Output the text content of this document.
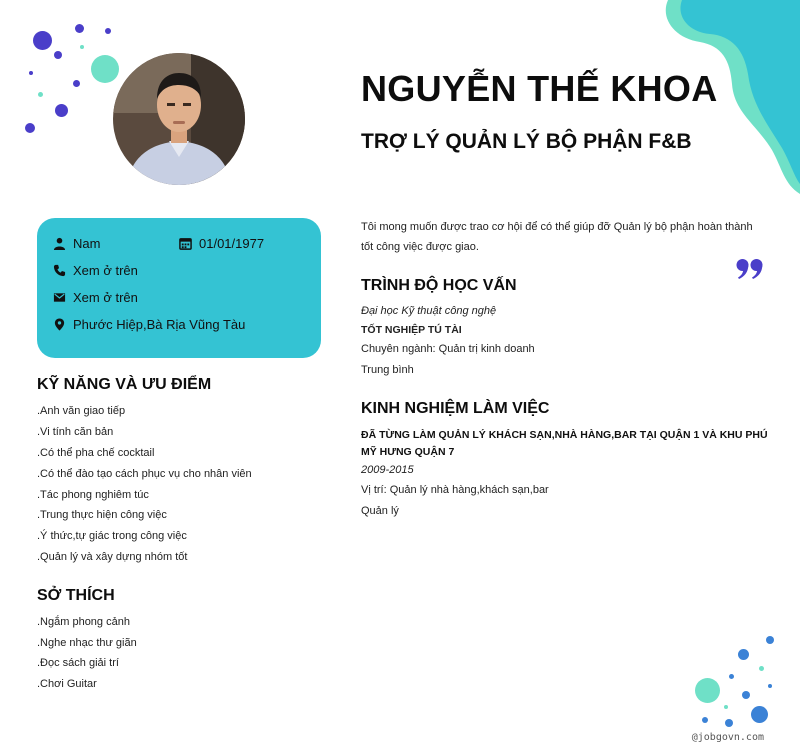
NGUYỄN THẾ KHOA
TRỢ LÝ QUẢN LÝ BỘ PHẬN F&B
Nam	01/01/1977
Xem ở trên
Xem ở trên
Phước Hiệp,Bà Rịa Vũng Tàu
KỸ NĂNG VÀ ƯU ĐIỂM
.Anh văn giao tiếp
.Vi tính căn bản
.Có thể pha chế cocktail
.Có thể đào tạo cách phục vụ cho nhân viên
.Tác phong nghiêm túc
.Trung thực hiện công việc
.Ý thức,tự giác trong công việc
.Quản lý và xây dựng nhóm tốt
SỞ THÍCH
.Ngắm phong cảnh
.Nghe nhạc thư giãn
.Đọc sách giải trí
.Chơi Guitar
Tôi mong muốn được trao cơ hội để có thể giúp đỡ Quản lý bộ phận hoàn thành tốt công việc được giao.
TRÌNH ĐỘ HỌC VẤN
Đại học Kỹ thuật công nghệ
TỐT NGHIỆP TÚ TÀI
Chuyên ngành: Quản trị kinh doanh
Trung bình
KINH NGHIỆM LÀM VIỆC
ĐÃ TỪNG LÀM QUẢN LÝ KHÁCH SẠN,NHÀ HÀNG,BAR TẠI QUẬN 1 VÀ KHU PHÚ MỸ HƯNG QUẬN 7
2009-2015
Vị trí: Quản lý nhà hàng,khách sạn,bar
Quản lý
@jobgovn.com
